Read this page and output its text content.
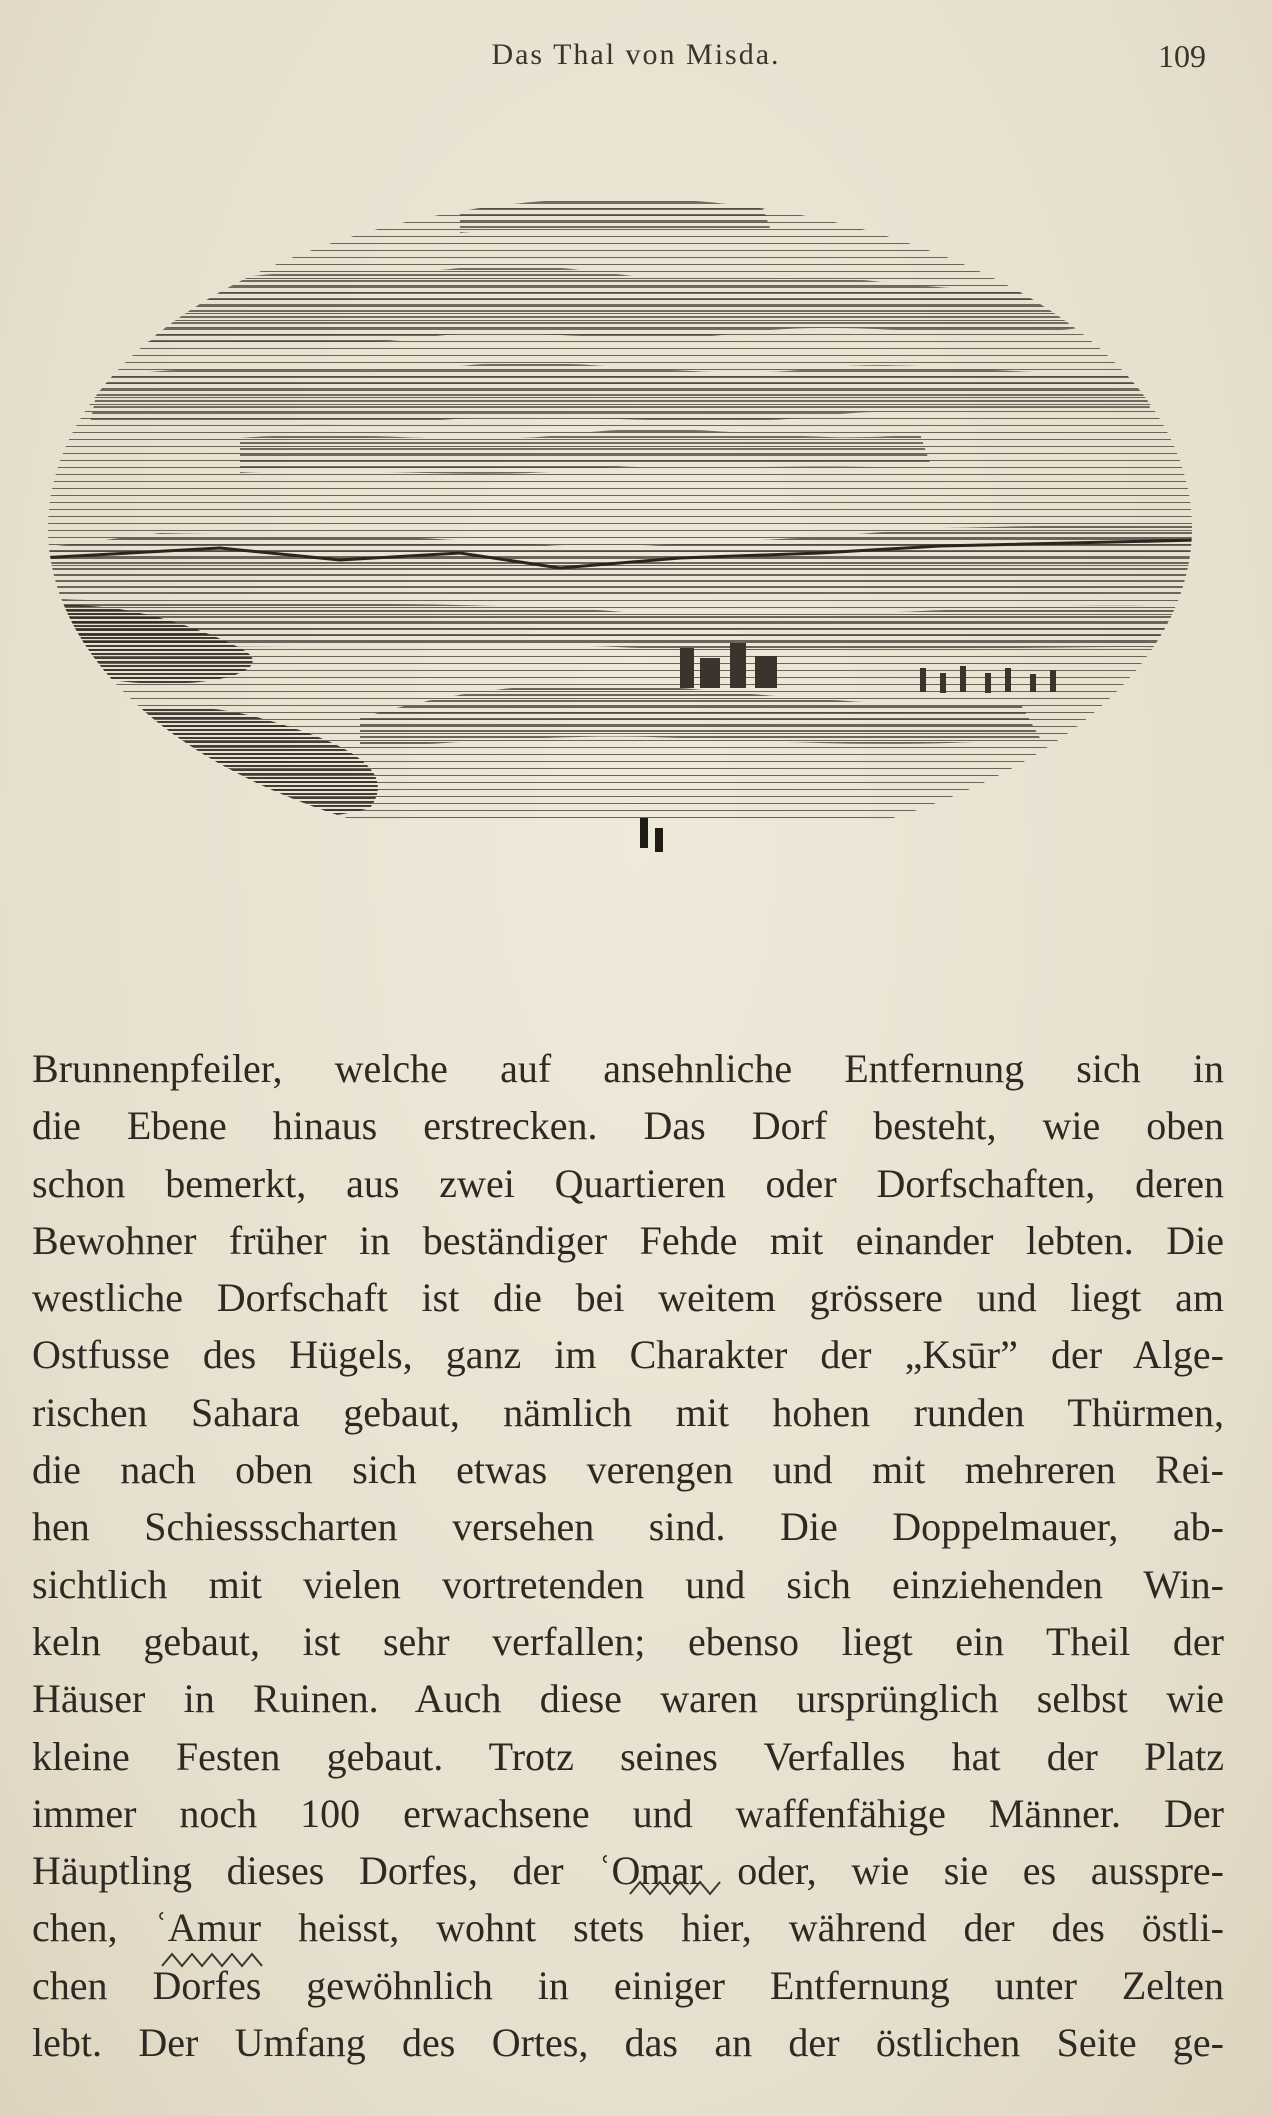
Das Thal von Misda.	109
Brunnenpfeiler, welche auf ansehnliche Entfernung sich in
die Ebene hinaus erstrecken. Das Dorf besteht, wie oben
schon bemerkt, aus zwei Quartieren oder Dorfschaften, deren
Bewohner früher in beständiger Fehde mit einander lebten. Die
westliche Dorfschaft ist die bei weitem grössere und liegt am
Ostfusse des Hügels, ganz im Charakter der „Ksūr” der Alge-
rischen Sahara gebaut, nämlich mit hohen runden Thürmen,
die nach oben sich etwas verengen und mit mehreren Rei-
hen Schiessscharten versehen sind. Die Doppelmauer, ab-
sichtlich mit vielen vortretenden und sich einziehenden Win-
keln gebaut, ist sehr verfallen; ebenso liegt ein Theil der
Häuser in Ruinen. Auch diese waren ursprünglich selbst wie
kleine Festen gebaut. Trotz seines Verfalles hat der Platz
immer noch 100 erwachsene und waffenfähige Männer. Der
Häuptling dieses Dorfes, der ʿOmar oder, wie sie es ausspre-
chen, ʿAmur heisst, wohnt stets hier, während der des östli-
chen Dorfes gewöhnlich in einiger Entfernung unter Zelten
lebt. Der Umfang des Ortes, das an der östlichen Seite ge-
